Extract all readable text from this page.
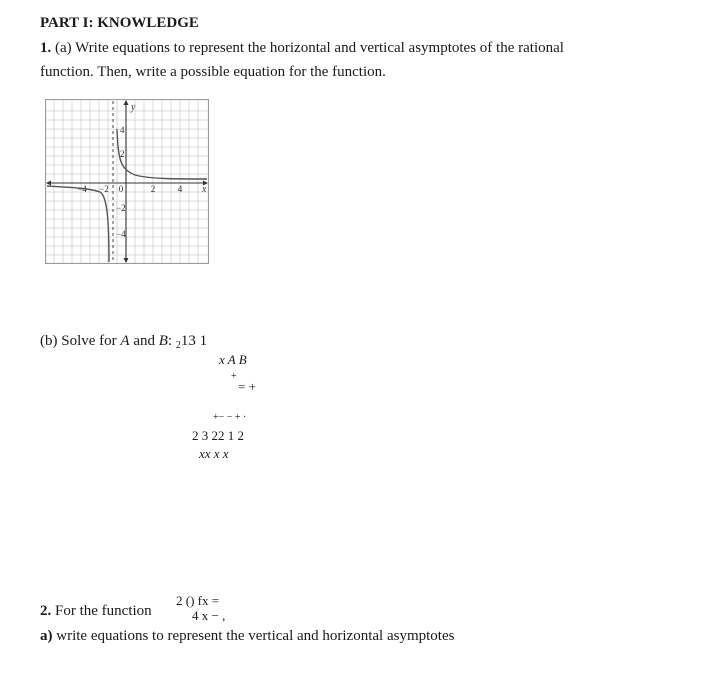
PART I: KNOWLEDGE
1. (a) Write equations to represent the horizontal and vertical asymptotes of the rational
function. Then, write a possible equation for the function.
y
x
−4 −2 0	2	4
4
2
−2
−4
(b) Solve for A and B: $_2$13 1
x A B
+
= +
+− − + ·
2 3 22 1 2
xx x x
2. For the function
2 () fx =
4 x − ,
a) write equations to represent the vertical and horizontal asymptotes
